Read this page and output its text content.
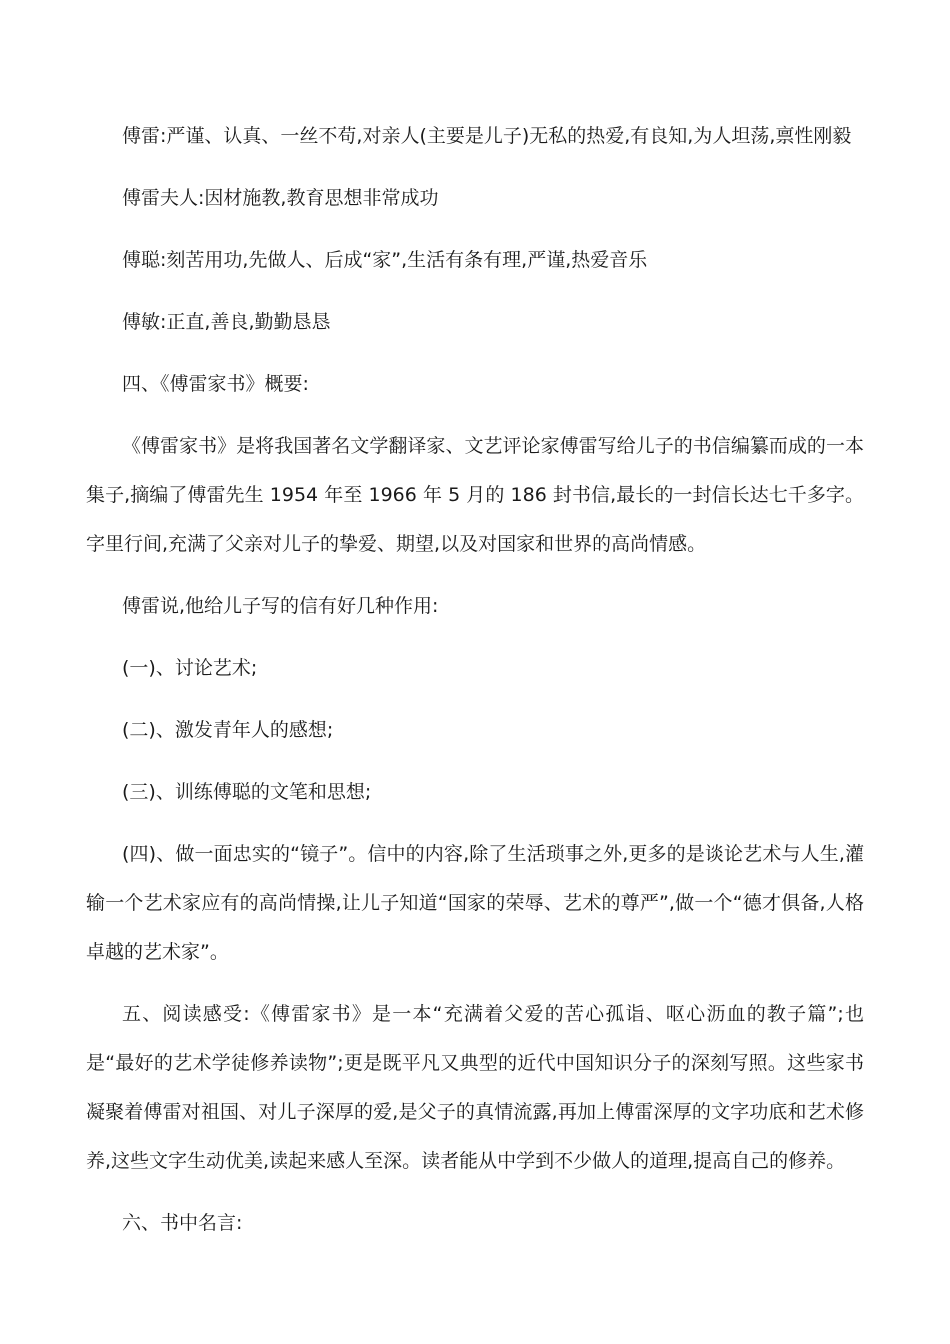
傅雷:严谨、认真、一丝不苟,对亲人(主要是儿子)无私的热爱,有良知,为人坦荡,禀性刚毅

傅雷夫人:因材施教,教育思想非常成功

傅聪:刻苦用功,先做人、后成“家”,生活有条有理,严谨,热爱音乐

傅敏:正直,善良,勤勤恳恳

四、《傅雷家书》概要:

《傅雷家书》是将我国著名文学翻译家、文艺评论家傅雷写给儿子的书信编纂而成的一本集子,摘编了傅雷先生 1954 年至 1966 年 5 月的 186 封书信,最长的一封信长达七千多字。字里行间,充满了父亲对儿子的挚爱、期望,以及对国家和世界的高尚情感。

傅雷说,他给儿子写的信有好几种作用:

(一)、讨论艺术;

(二)、激发青年人的感想;

(三)、训练傅聪的文笔和思想;

(四)、做一面忠实的“镜子”。信中的内容,除了生活琐事之外,更多的是谈论艺术与人生,灌输一个艺术家应有的高尚情操,让儿子知道“国家的荣辱、艺术的尊严”,做一个“德才俱备,人格卓越的艺术家”。

五、阅读感受:《傅雷家书》是一本“充满着父爱的苦心孤诣、呕心沥血的教子篇”;也是“最好的艺术学徒修养读物”;更是既平凡又典型的近代中国知识分子的深刻写照。这些家书凝聚着傅雷对祖国、对儿子深厚的爱,是父子的真情流露,再加上傅雷深厚的文字功底和艺术修养,这些文字生动优美,读起来感人至深。读者能从中学到不少做人的道理,提高自己的修养。

六、书中名言:
